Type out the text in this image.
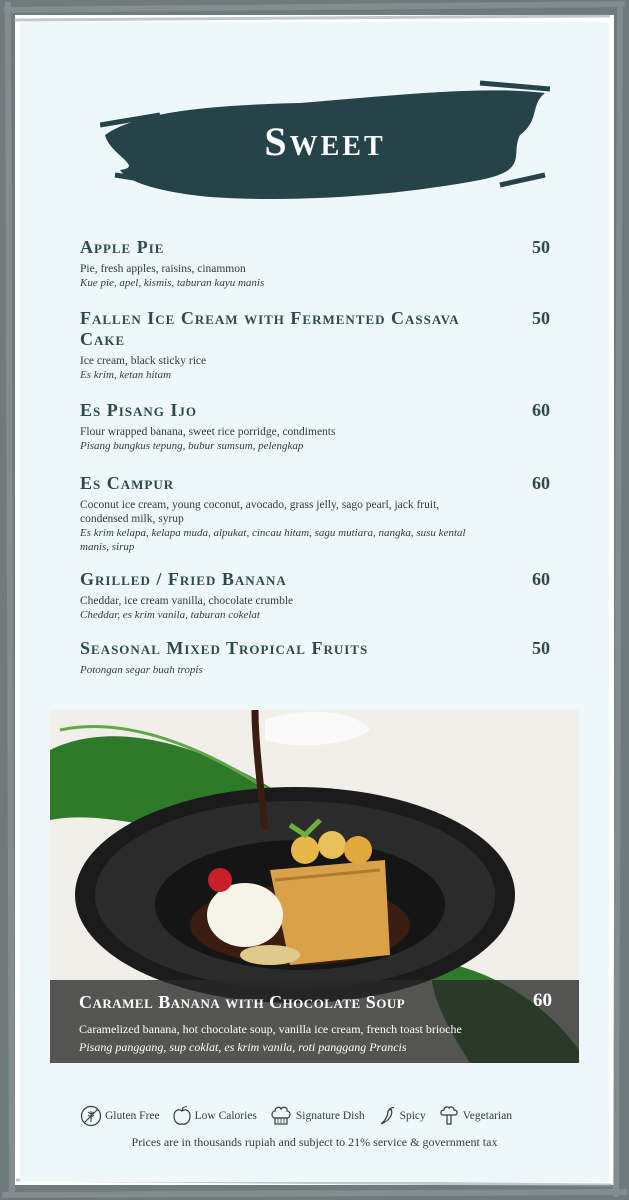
Sweet
Apple Pie	50
Pie, fresh apples, raisins, cinammon
Kue pie, apel, kismis, taburan kayu manis
Fallen Ice Cream with Fermented Cassava Cake
50
Ice cream, black sticky rice
Es krim, ketan hitam
Es Pisang Ijo	60
Flour wrapped banana, sweet rice porridge, condiments
Pisang bungkus tepung, bubur sumsum, pelengkap
Es Campur	60
Coconut ice cream, young coconut, avocado, grass jelly, sago pearl, jack fruit, condensed milk, syrup
Es krim kelapa, kelapa muda, alpukat, cincau hitam, sagu mutiara, nangka, susu kental manis, sirup
Grilled / Fried Banana	60
Cheddar, ice cream vanilla, chocolate crumble
Cheddar, es krim vanila, taburan cokelat
Seasonal Mixed Tropical Fruits	50
Potongan segar buah tropis
Caramel Banana with Chocolate Soup	60
Caramelized banana, hot chocolate soup, vanilla ice cream, french toast brioche
Pisang panggang, sup coklat, es krim vanila, roti panggang Prancis
Gluten Free	Low Calories	Signature Dish	Spicy	Vegetarian
Prices are in thousands rupiah and subject to 21% service & government tax
